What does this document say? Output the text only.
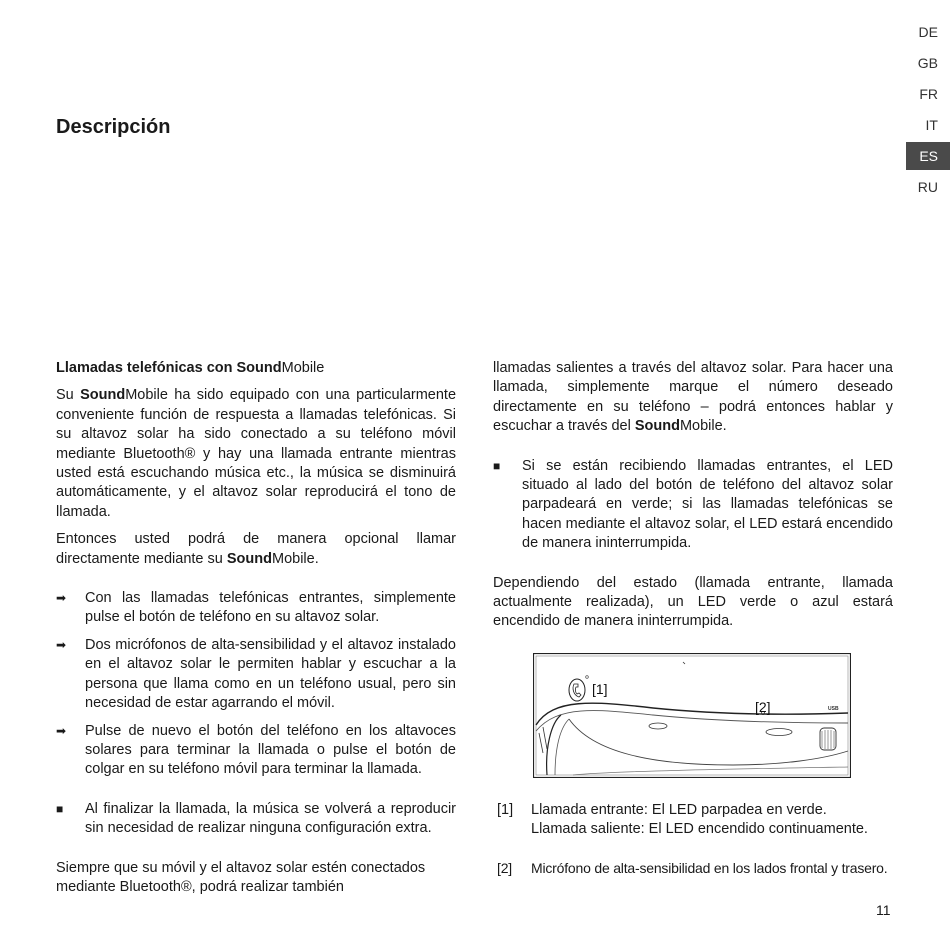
DE
GB
FR
IT
ES
RU
Descripción
Llamadas telefónicas con SoundMobile

Su SoundMobile ha sido equipado con una particularmente conveniente función de respuesta a llamadas telefónicas. Si su altavoz solar ha sido conectado a su teléfono móvil mediante Bluetooth® y hay una llamada entrante mientras usted está escuchando música etc., la música se disminuirá automáticamente, y el altavoz solar reproducirá el tono de llamada.

Entonces usted podrá de manera opcional llamar directamente mediante su SoundMobile.

➡	Con las llamadas telefónicas entrantes, simplemente pulse el botón de teléfono en su altavoz solar.
➡	Dos micrófonos de alta-sensibilidad y el altavoz instalado en el altavoz solar le permiten hablar y escuchar a la persona que llama como en un teléfono usual, pero sin necesidad de estar agarrando el móvil.
➡	Pulse de nuevo el botón del teléfono en los altavoces solares para terminar la llamada o pulse el botón de colgar en su teléfono móvil para terminar la llamada.
■	Al finalizar la llamada, la música se volverá a reproducir sin necesidad de realizar ninguna configuración extra.

Siempre que su móvil y el altavoz solar estén conectados mediante Bluetooth®, podrá realizar también

llamadas salientes a través del altavoz solar. Para hacer una llamada, simplemente marque el número deseado directamente en su teléfono – podrá entonces hablar y escuchar a través del SoundMobile.

■	Si se están recibiendo llamadas entrantes, el LED situado al lado del botón de teléfono del altavoz solar parpadeará en verde; si las llamadas telefónicas se hacen mediante el altavoz solar, el LED estará encendido de manera ininterrumpida.

Dependiendo del estado (llamada entrante, llamada actualmente realizada), un LED verde o azul estará encendido de manera ininterrumpida.

[1]
[2]	USB
[1] Llamada entrante: El LED parpadea en verde.
Llamada saliente: El LED encendido continuamente.
[2] Micrófono de alta-sensibilidad en los lados frontal y trasero.
11
